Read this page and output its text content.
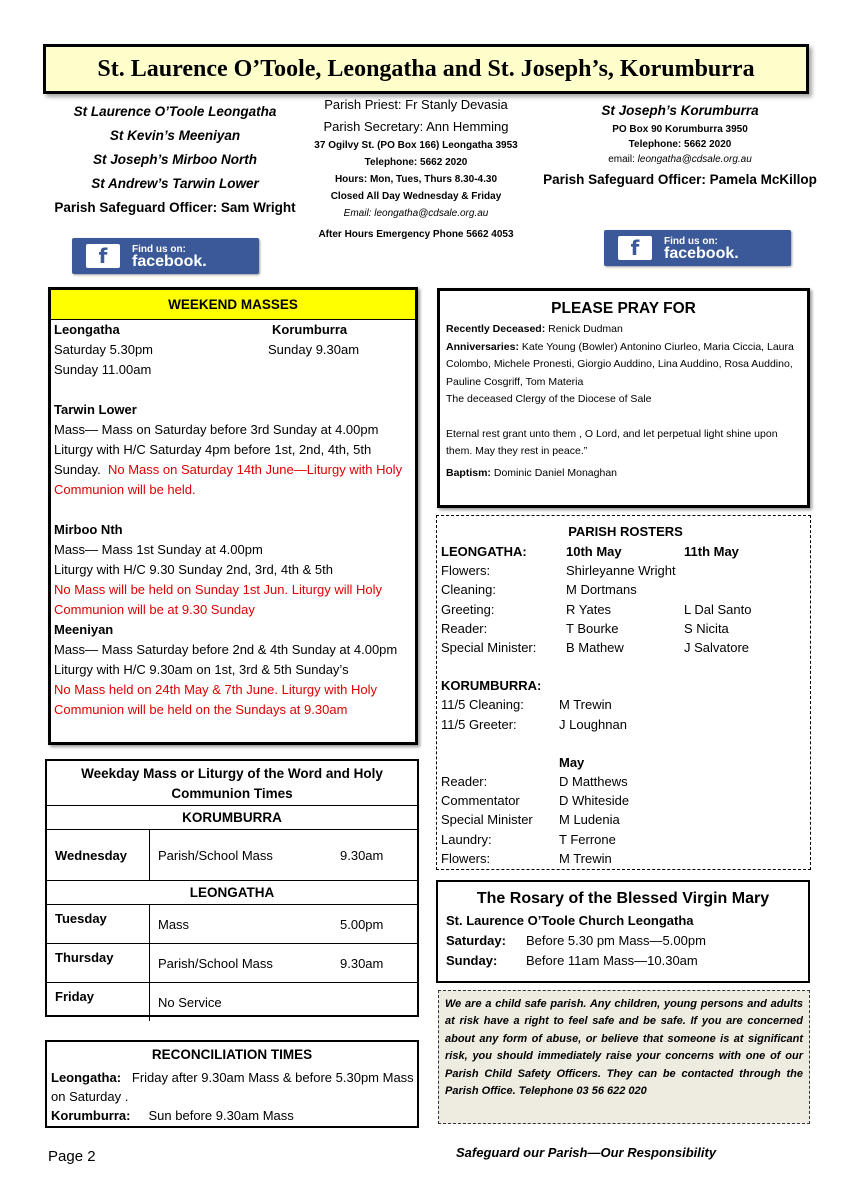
St. Laurence O’Toole, Leongatha and St. Joseph’s, Korumburra
St Laurence O’Toole Leongatha
St Kevin’s Meeniyan
St Joseph’s Mirboo North
St Andrew’s Tarwin Lower
Parish Safeguard Officer: Sam Wright
f	Find us on:
facebook.
Parish Priest: Fr Stanly Devasia
Parish Secretary: Ann Hemming
37 Ogilvy St. (PO Box 166) Leongatha 3953
Telephone: 5662 2020
Hours: Mon, Tues, Thurs 8.30-4.30
Closed All Day Wednesday & Friday
Email: leongatha@cdsale.org.au
After Hours Emergency Phone 5662 4053
St Joseph’s Korumburra
PO Box 90 Korumburra 3950
Telephone: 5662 2020
email: leongatha@cdsale.org.au
Parish Safeguard Officer: Pamela McKillop
f	Find us on:
facebook.
WEEKEND MASSES
Leongatha	Korumburra
Saturday 5.30pm	Sunday 9.30am
Sunday 11.00am
Tarwin Lower
Mass— Mass on Saturday before 3rd Sunday at 4.00pm
Liturgy with H/C Saturday 4pm before 1st, 2nd, 4th, 5th Sunday. No Mass on Saturday 14th June—Liturgy with Holy Communion will be held.
Mirboo Nth
Mass— Mass 1st Sunday at 4.00pm
Liturgy with H/C 9.30 Sunday 2nd, 3rd, 4th & 5th
No Mass will be held on Sunday 1st Jun. Liturgy will Holy Communion will be at 9.30 Sunday
Meeniyan
Mass— Mass Saturday before 2nd & 4th Sunday at 4.00pm
Liturgy with H/C 9.30am on 1st, 3rd & 5th Sunday’s
No Mass held on 24th May & 7th June. Liturgy with Holy Communion will be held on the Sundays at 9.30am
Weekday Mass or Liturgy of the Word and Holy Communion Times
KORUMBURRA
Wednesday	Parish/School Mass	9.30am
LEONGATHA
Tuesday	Mass	5.00pm
Thursday	Parish/School Mass	9.30am
Friday	No Service
RECONCILIATION TIMES
Leongatha:   Friday after 9.30am Mass & before 5.30pm Mass on Saturday .
Korumburra:     Sun before 9.30am Mass
PLEASE PRAY FOR
Recently Deceased: Renick Dudman
Anniversaries: Kate Young (Bowler) Antonino Ciurleo, Maria Ciccia, Laura Colombo, Michele Pronesti, Giorgio Auddino, Lina Auddino, Rosa Auddino, Pauline Cosgriff, Tom Materia
The deceased Clergy of the Diocese of Sale
Eternal rest grant unto them , O Lord, and let perpetual light shine upon them. May they rest in peace.”
Baptism: Dominic Daniel Monaghan
PARISH ROSTERS
LEONGATHA:	10th May	11th May
Flowers:	Shirleyanne Wright
Cleaning:	M Dortmans
Greeting:	R Yates	L Dal Santo
Reader:	T Bourke	S Nicita
Special Minister:	B Mathew	J Salvatore
KORUMBURRA:
11/5 Cleaning:	M Trewin
11/5 Greeter:	J Loughnan
May
Reader:	D Matthews
Commentator	D Whiteside
Special Minister	M Ludenia
Laundry:	T Ferrone
Flowers:	M Trewin
The Rosary of the Blessed Virgin Mary
St. Laurence O’Toole Church Leongatha
Saturday:	Before 5.30 pm Mass—5.00pm
Sunday:	Before 11am Mass—10.30am
We are a child safe parish. Any children, young persons and adults at risk have a right to feel safe and be safe. If you are concerned about any form of abuse, or believe that someone is at significant risk, you should immediately raise your concerns with one of our Parish Child Safety Officers. They can be contacted through the Parish Office. Telephone 03 56 622 020
Page 2	Safeguard our Parish—Our Responsibility
